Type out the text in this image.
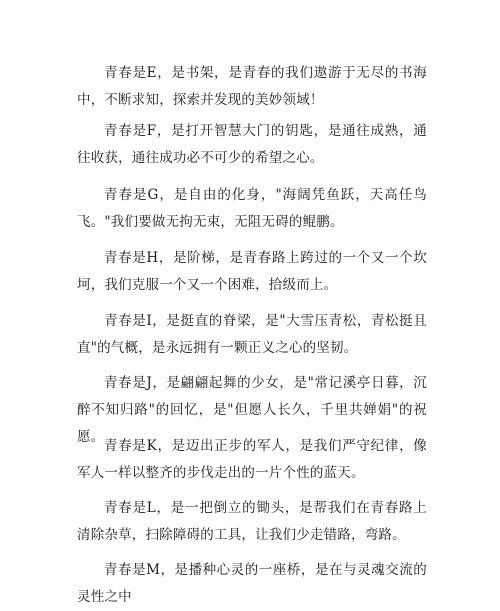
青春是E，是书架，是青春的我们遨游于无尽的书海中，不断求知，探索并发现的美妙领域！

青春是F，是打开智慧大门的钥匙，是通往成熟，通往收获，通往成功必不可少的希望之心。

青春是G，是自由的化身，"海阔凭鱼跃，天高任鸟飞。"我们要做无拘无束，无阻无碍的鲲鹏。

青春是H，是阶梯，是青春路上跨过的一个又一个坎坷，我们克服一个又一个困难，拾级而上。

青春是I，是挺直的脊梁，是"大雪压青松，青松挺且直"的气概，是永远拥有一颗正义之心的坚韧。

青春是J，是翩翩起舞的少女，是"常记溪亭日暮，沉醉不知归路"的回忆，是"但愿人长久，千里共婵娟"的祝愿。

青春是K，是迈出正步的军人，是我们严守纪律，像军人一样以整齐的步伐走出的一片个性的蓝天。

青春是L，是一把倒立的锄头，是帮我们在青春路上清除杂草，扫除障碍的工具，让我们少走错路，弯路。

青春是M，是播种心灵的一座桥，是在与灵魂交流的灵性之中
